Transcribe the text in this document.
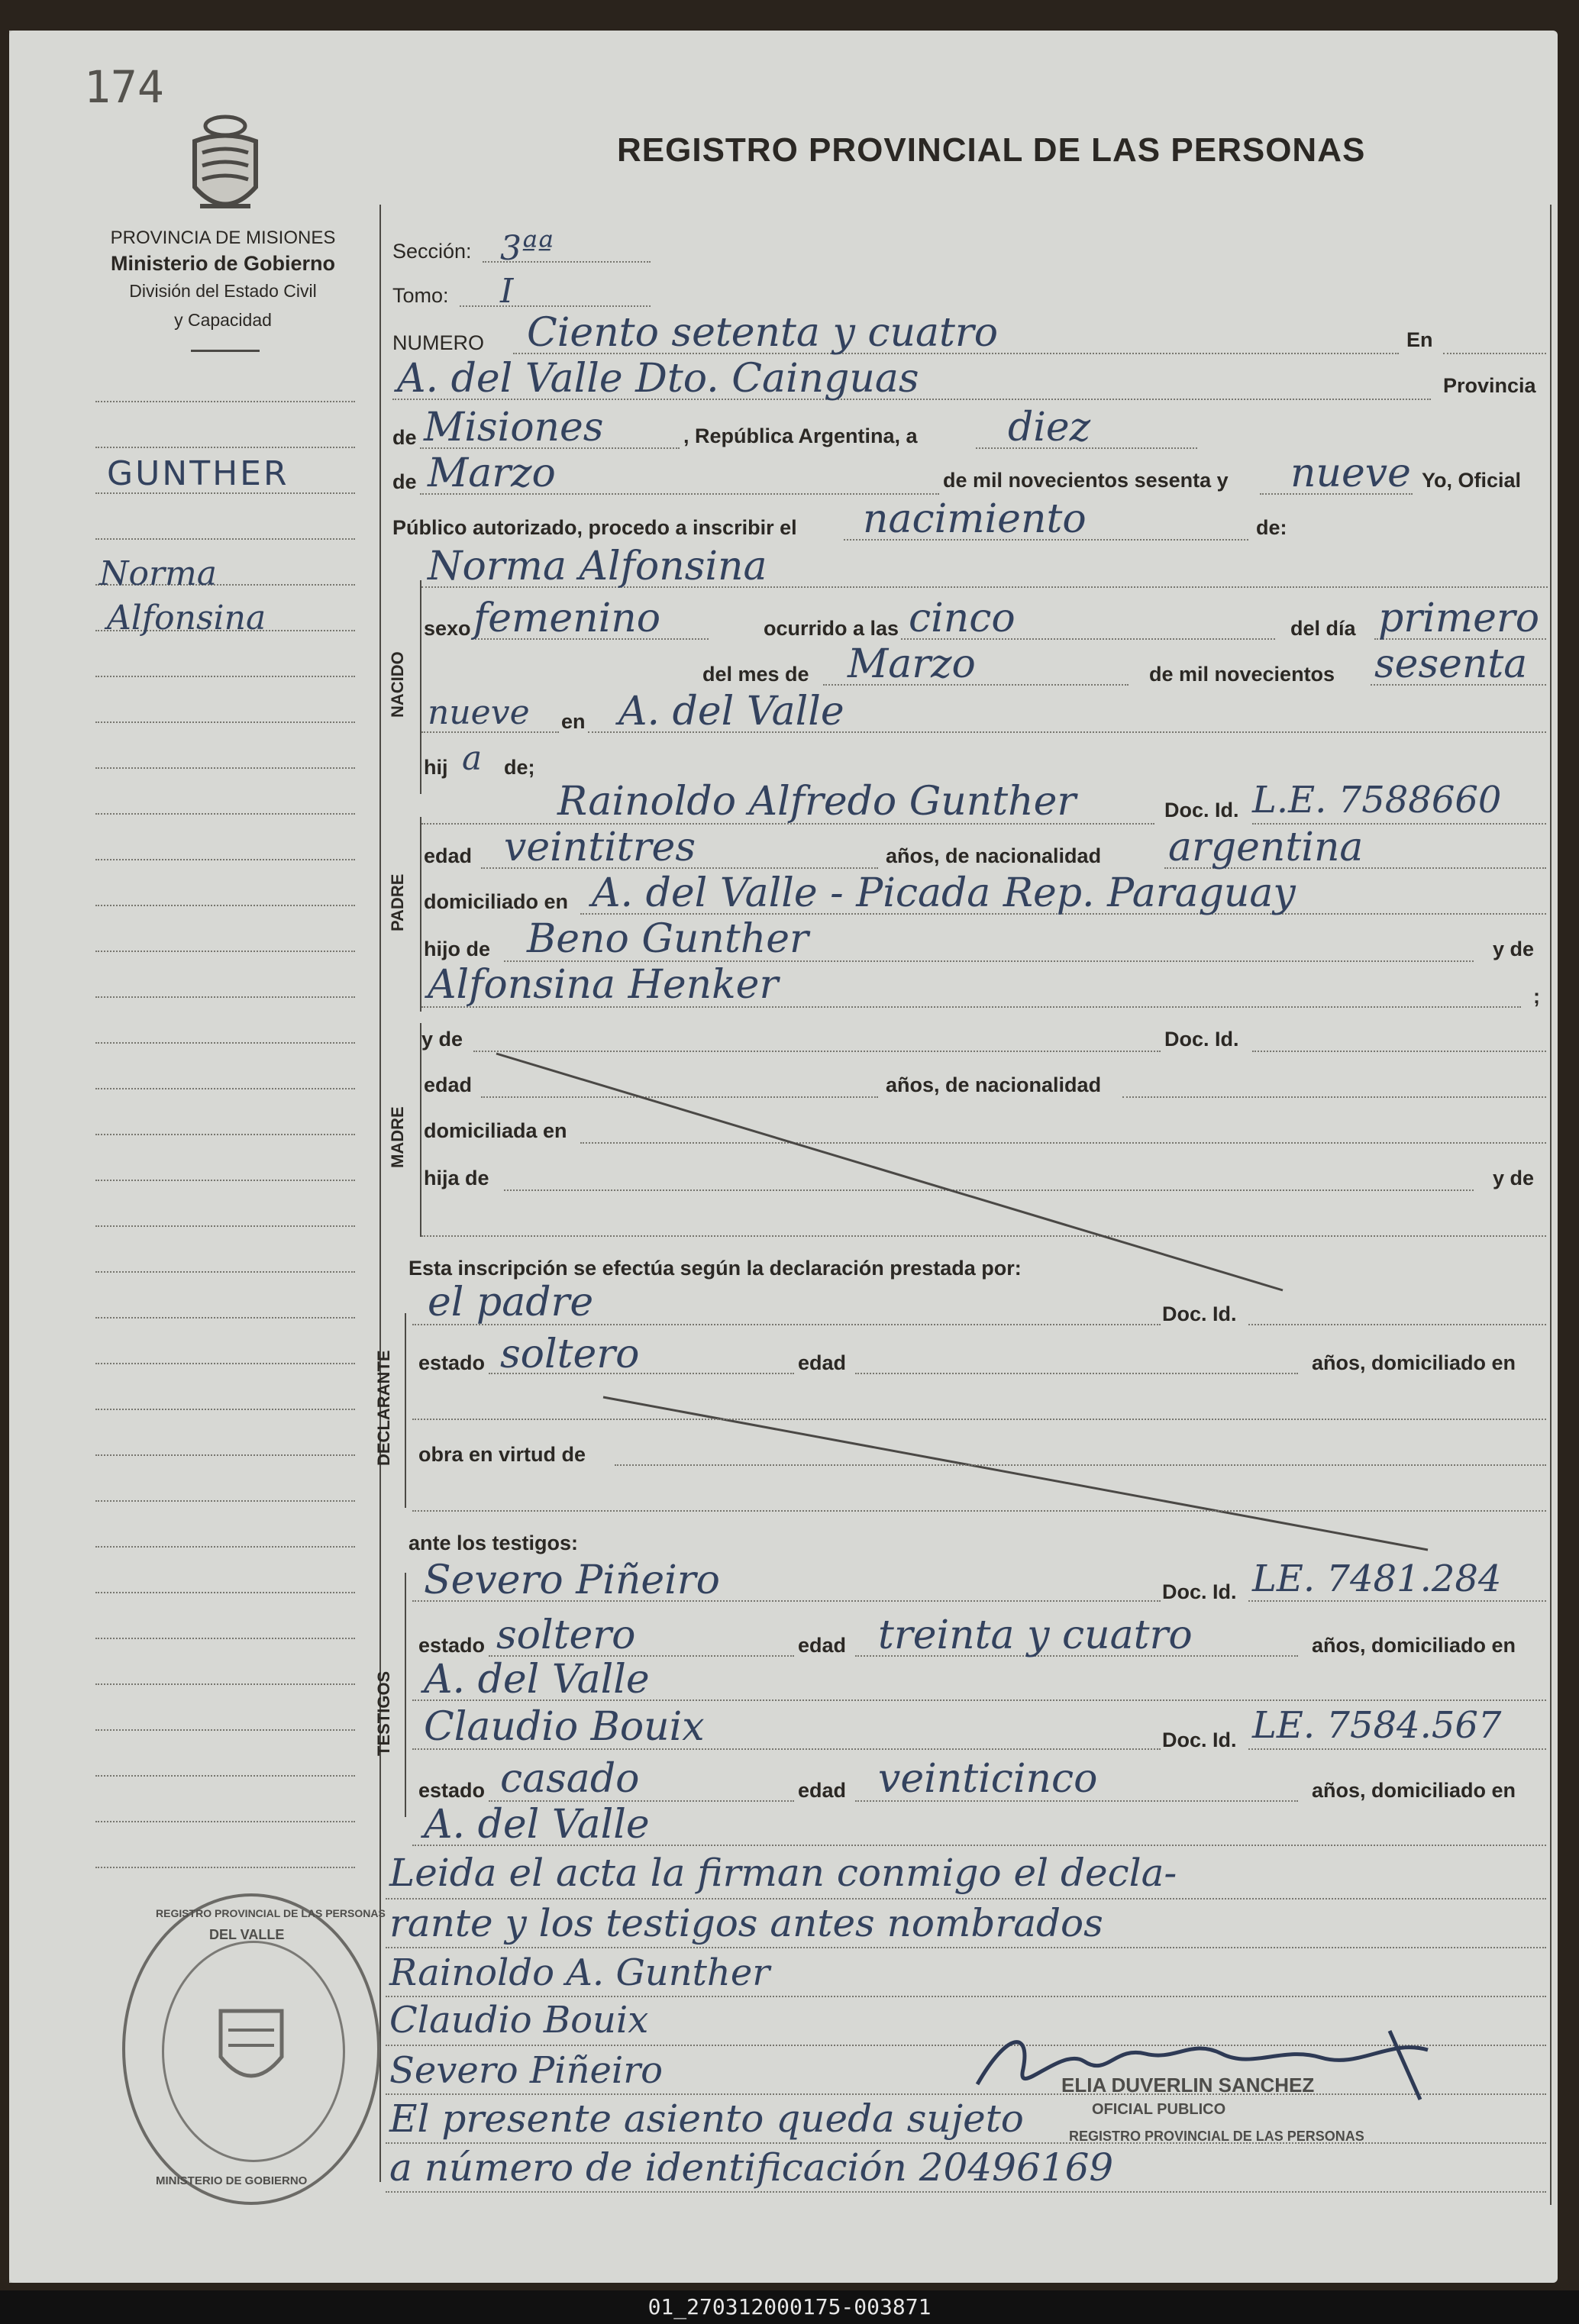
174
PROVINCIA DE MISIONES
Ministerio de Gobierno
División del Estado Civil
y Capacidad
REGISTRO PROVINCIAL DE LAS PERSONAS
GUNTHER
Norma
Alfonsina
NACIDO
PADRE
MADRE
DECLARANTE
TESTIGOS
Sección: 3ªª
Tomo: I
NUMERO Ciento setenta y cuatro	En
A. del Valle Dto. Cainguas	Provincia
de Misiones	, República Argentina, a diez
de Marzo	de mil novecientos sesenta y nueve Yo, Oficial
Público autorizado, procedo a inscribir el nacimiento	de:
Norma Alfonsina
sexo femenino	ocurrido a las cinco	del día primero
del mes de Marzo	de mil novecientos sesenta
nueve en A. del Valle
hij a de;
Rainoldo Alfredo Gunther	Doc. Id. L.E. 7588660
edad veintitres	años, de nacionalidad argentina
domiciliado en A. del Valle - Picada Rep. Paraguay
hijo de Beno Gunther	y de
Alfonsina Henker	;
y de	Doc. Id.
edad	años, de nacionalidad
domiciliada en
hija de	y de
Esta inscripción se efectúa según la declaración prestada por:
el padre	Doc. Id.
estado soltero	edad	años, domiciliado en
obra en virtud de
ante los testigos:
Severo Piñeiro	Doc. Id. LE. 7481.284
estado soltero	edad treinta y cuatro	años, domiciliado en
A. del Valle
Claudio Bouix	Doc. Id. LE. 7584.567
estado casado	edad veinticinco	años, domiciliado en
A. del Valle
Leida el acta la firman conmigo el decla-
rante y los testigos antes nombrados
Rainoldo A. Gunther
Claudio Bouix
Severo Piñeiro
El presente asiento queda sujeto
a número de identificación 20496169
ELIA DUVERLIN SANCHEZ
OFICIAL PUBLICO
REGISTRO PROVINCIAL DE LAS PERSONAS
REGISTRO PROVINCIAL DE LAS PERSONAS
DEL VALLE
MINISTERIO DE GOBIERNO
01_270312000175-003871
